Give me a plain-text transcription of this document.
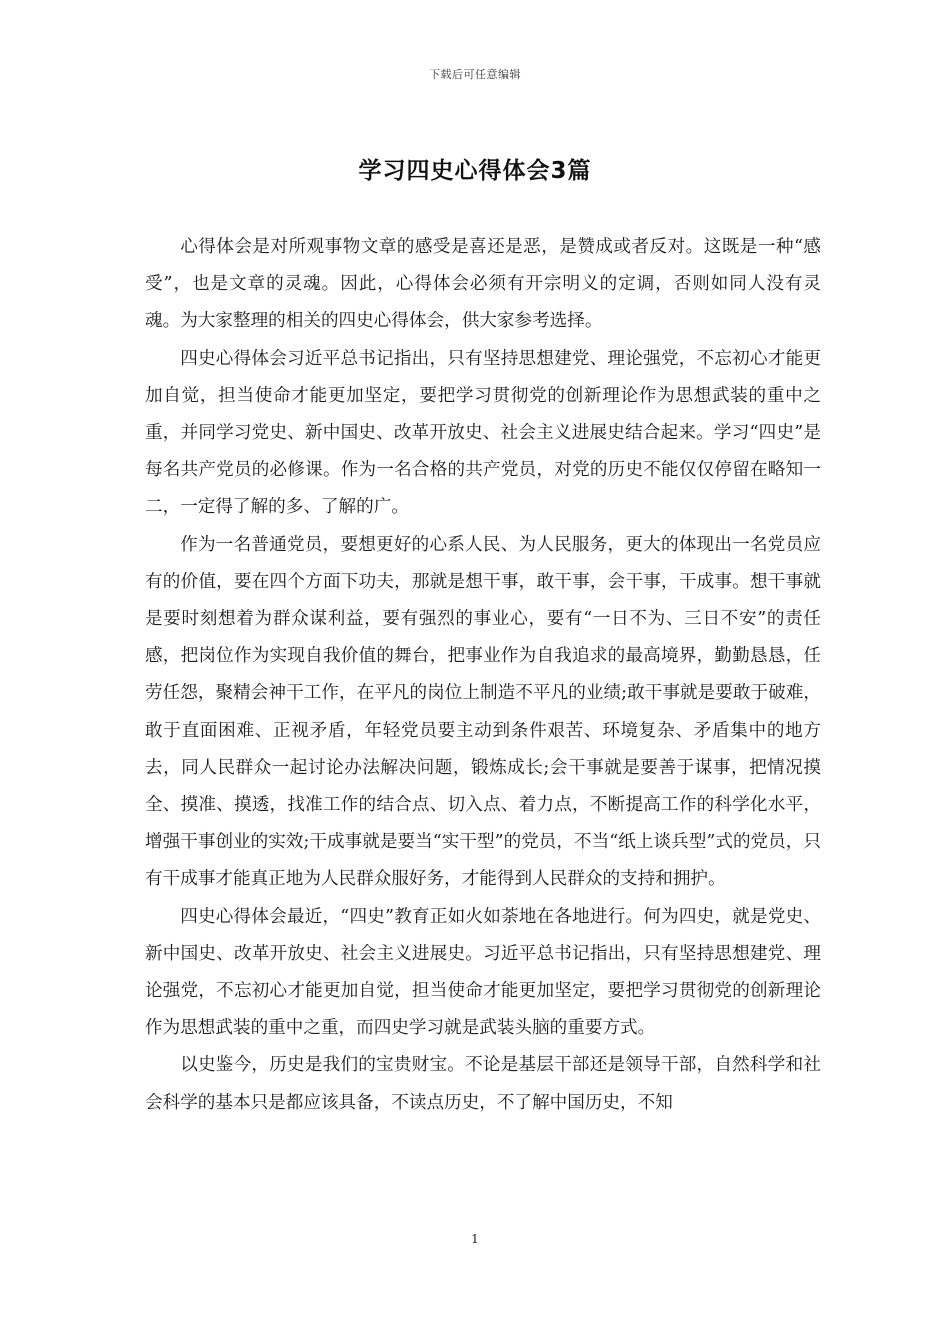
下载后可任意编辑
学习四史心得体会3篇

心得体会是对所观事物文章的感受是喜还是恶，是赞成或者反对。这既是一种“感受”，也是文章的灵魂。因此，心得体会必须有开宗明义的定调，否则如同人没有灵魂。为大家整理的相关的四史心得体会，供大家参考选择。

四史心得体会习近平总书记指出，只有坚持思想建党、理论强党，不忘初心才能更加自觉，担当使命才能更加坚定，要把学习贯彻党的创新理论作为思想武装的重中之重，并同学习党史、新中国史、改革开放史、社会主义进展史结合起来。学习“四史”是每名共产党员的必修课。作为一名合格的共产党员，对党的历史不能仅仅停留在略知一二，一定得了解的多、了解的广。

作为一名普通党员，要想更好的心系人民、为人民服务，更大的体现出一名党员应有的价值，要在四个方面下功夫，那就是想干事，敢干事，会干事，干成事。想干事就是要时刻想着为群众谋利益，要有强烈的事业心，要有“一日不为、三日不安”的责任感，把岗位作为实现自我价值的舞台，把事业作为自我追求的最高境界，勤勤恳恳，任劳任怨，聚精会神干工作，在平凡的岗位上制造不平凡的业绩;敢干事就是要敢于破难，敢于直面困难、正视矛盾，年轻党员要主动到条件艰苦、环境复杂、矛盾集中的地方去，同人民群众一起讨论办法解决问题，锻炼成长;会干事就是要善于谋事，把情况摸全、摸准、摸透，找准工作的结合点、切入点、着力点，不断提高工作的科学化水平，增强干事创业的实效;干成事就是要当“实干型”的党员，不当“纸上谈兵型”式的党员，只有干成事才能真正地为人民群众服好务，才能得到人民群众的支持和拥护。

四史心得体会最近，“四史”教育正如火如荼地在各地进行。何为四史，就是党史、新中国史、改革开放史、社会主义进展史。习近平总书记指出，只有坚持思想建党、理论强党，不忘初心才能更加自觉，担当使命才能更加坚定，要把学习贯彻党的创新理论作为思想武装的重中之重，而四史学习就是武装头脑的重要方式。

以史鉴今，历史是我们的宝贵财宝。不论是基层干部还是领导干部，自然科学和社会科学的基本只是都应该具备，不读点历史，不了解中国历史，不知

1
